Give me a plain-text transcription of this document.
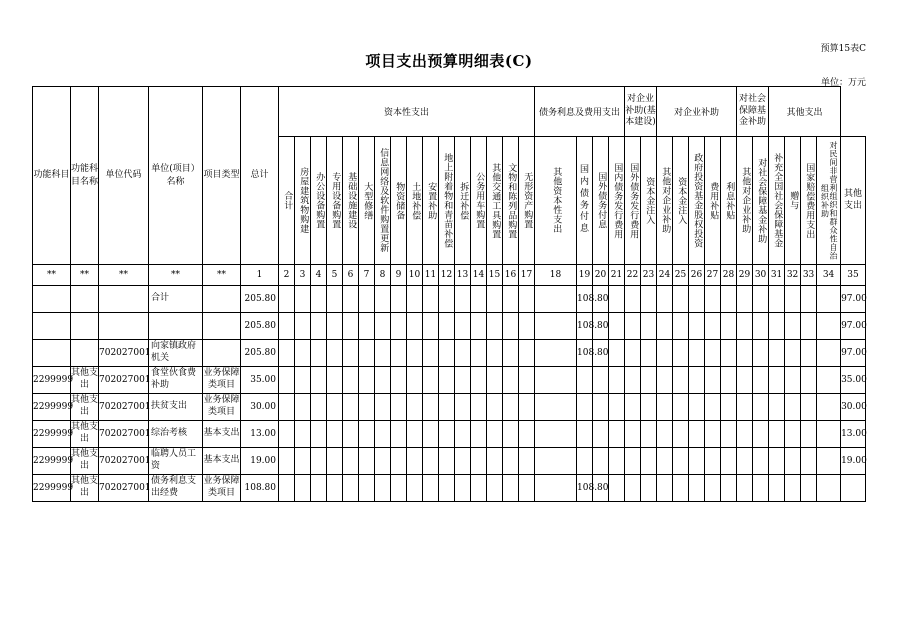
预算15表C
项目支出预算明细表(C)
单位：万元
功能科目	功能科目名称	单位代码	单位(项目）名称	项目类型	总计	资本性支出																债务利息及费用支出				对企业补助(基本建设)		对企业补助					对社会保障基金补助		其他支出				

						合计	房屋建筑物购建	办公设备购置	专用设备购置	基础设施建设	大型修缮	信息网络及软件购置更新	物资储备	土地补偿	安置补助	地上附着物和青苗补偿	拆迁补偿	公务用车购置	其他交通工具购置	文物和陈列品购置	无形资产购置	其他资本性支出	国内债务付息	国外债务付息	国内债务发行费用	国外债务发行费用	资本金注入	其他对企业补助	资本金注入	政府投资基金股权投资	费用补贴	利息补贴	其他对企业补助	对社会保障基金补助	补充全国社会保障基金	赠与	国家赔偿费用支出	对民间非营利组织和群众性自治组织补助	其他支出

**	**	**	**	**	1	2	3	4	5	6	7	8	9	10	11	12	13	14	15	16	17	18	19	20	21	22	23	24	25	26	27	28	29	30	31	32	33	34	35
			合计		205.80																		108.80																97.00
					205.80																		108.80																97.00
		702027001	向家镇政府机关		205.80																		108.80																97.00
2299999	其他支出	702027001	食堂伙食费补助	业务保障类项目	35.00																																		35.00
2299999	其他支出	702027001	扶贫支出	业务保障类项目	30.00																																		30.00
2299999	其他支出	702027001	综治考核	基本支出	13.00																																		13.00
2299999	其他支出	702027001	临聘人员工资	基本支出	19.00																																		19.00
2299999	其他支出	702027001	债务利息支出经费	业务保障类项目	108.80																		108.80																
